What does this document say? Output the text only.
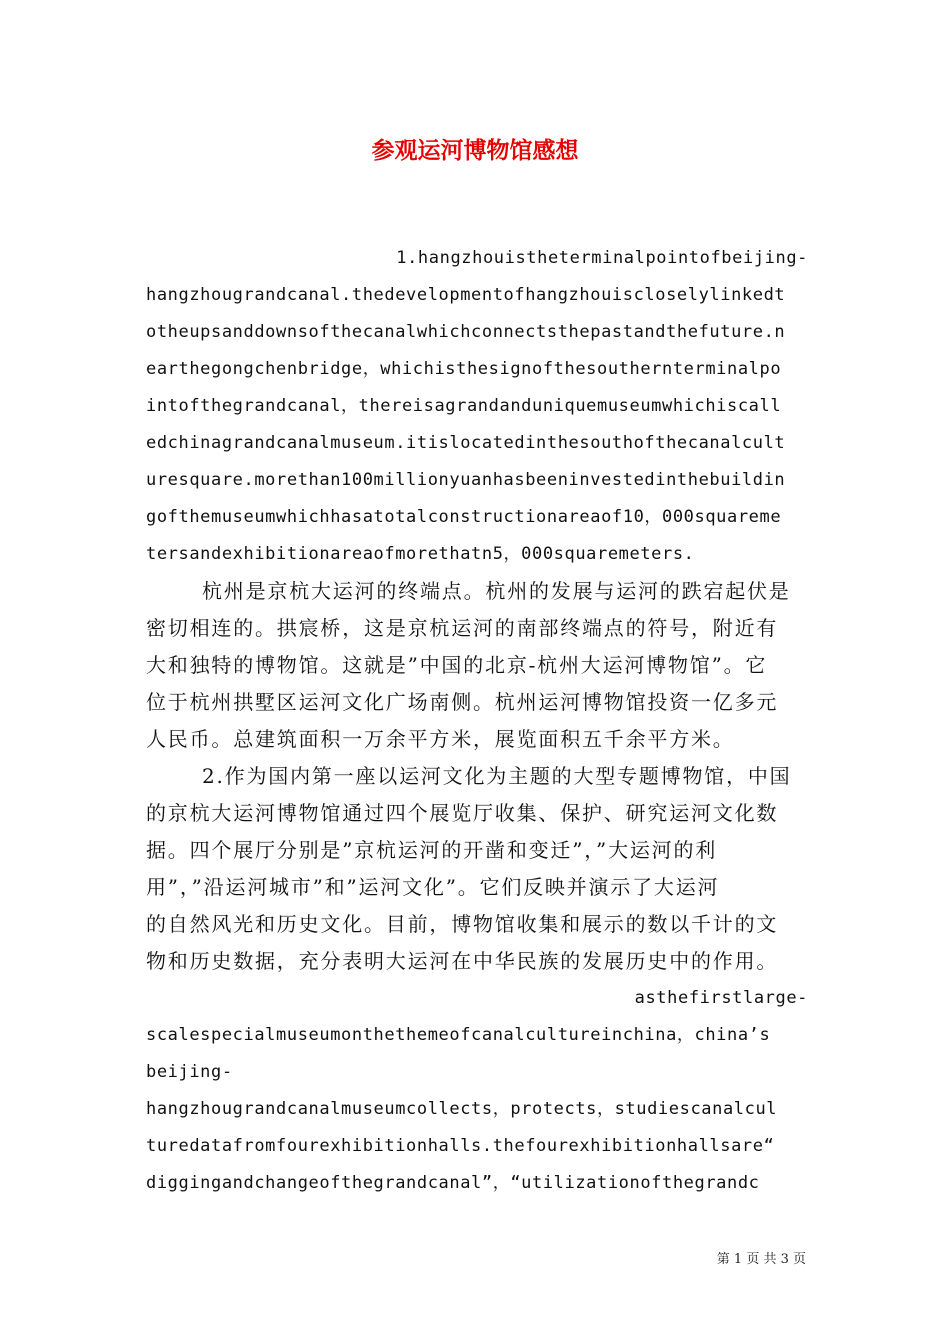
参观运河博物馆感想
1.hangzhouistheterminalpointofbeijing-
hangzhougrandcanal.thedevelopmentofhangzhouiscloselylinkedt
otheupsanddownsofthecanalwhichconnectsthepastandthefuture.n
earthegongchenbridge，whichisthesignofthesouthernterminalpo
intofthegrandcanal，thereisagrandanduniquemuseumwhichiscall
edchinagrandcanalmuseum.itislocatedinthesouthofthecanalcult
uresquare.morethan100millionyuanhasbeeninvestedinthebuildin
gofthemuseumwhichhasatotalconstructionareaof10，000squareme
tersandexhibitionareaofmorethatn5，000squaremeters.
杭州是京杭大运河的终端点。杭州的发展与运河的跌宕起伏是
密切相连的。拱宸桥，这是京杭运河的南部终端点的符号，附近有
大和独特的博物馆。这就是”中国的北京-杭州大运河博物馆”。它
位于杭州拱墅区运河文化广场南侧。杭州运河博物馆投资一亿多元
人民币。总建筑面积一万余平方米，展览面积五千余平方米。
2.作为国内第一座以运河文化为主题的大型专题博物馆，中国
的京杭大运河博物馆通过四个展览厅收集、保护、研究运河文化数
据。四个展厅分别是”京杭运河的开凿和变迁”，”大运河的利
用”，”沿运河城市”和”运河文化”。它们反映并演示了大运河
的自然风光和历史文化。目前，博物馆收集和展示的数以千计的文
物和历史数据，充分表明大运河在中华民族的发展历史中的作用。
asthefirstlarge-
scalespecialmuseumonthethemeofcanalcultureinchina，china’s
beijing-
hangzhougrandcanalmuseumcollects，protects，studiescanalcul
turedatafromfourexhibitionhalls.thefourexhibitionhallsare“
diggingandchangeofthegrandcanal”，“utilizationofthegrandc
第 1 页 共 3 页
